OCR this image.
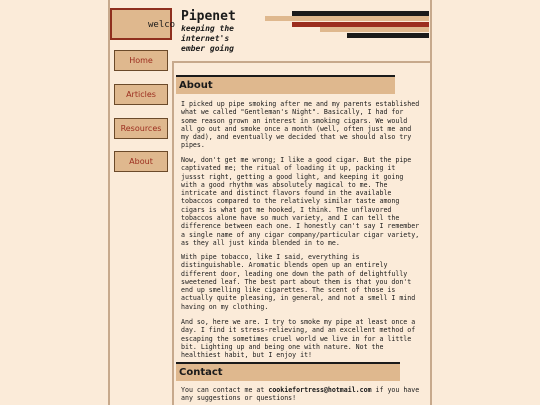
welco
Pipenet
keeping the internet's ember going
Home
Articles
Resources
About
About

I picked up pipe smoking after me and my parents established what we called "Gentleman's Night". Basically, I had for some reason grown an interest in smoking cigars. We would all go out and smoke once a month (well, often just me and my dad), and eventually we decided that we should also try pipes.

Now, don't get me wrong; I like a good cigar. But the pipe captivated me; the ritual of loading it up, packing it jussst right, getting a good light, and keeping it going with a good rhythm was absolutely magical to me. The intricate and distinct flavors found in the available tobaccos compared to the relatively similar taste among cigars is what got me hooked, I think. The unflavored tobaccos alone have so much variety, and I can tell the difference between each one. I honestly can't say I remember a single name of any cigar company/particular cigar variety, as they all just kinda blended in to me.

With pipe tobacco, like I said, everything is distinguishable. Aromatic blends open up an entirely different door, leading one down the path of delightfully sweetened leaf. The best part about them is that you don't end up smelling like cigarettes. The scent of those is actually quite pleasing, in general, and not a smell I mind having on my clothing.

And so, here we are. I try to smoke my pipe at least once a day. I find it stress-relieving, and an excellent method of escaping the sometimes cruel world we live in for a little bit. Lighting up and being one with nature. Not the healthiest habit, but I enjoy it!

Contact

You can contact me at cookiefortress@hotmail.com if you have any suggestions or questions!
